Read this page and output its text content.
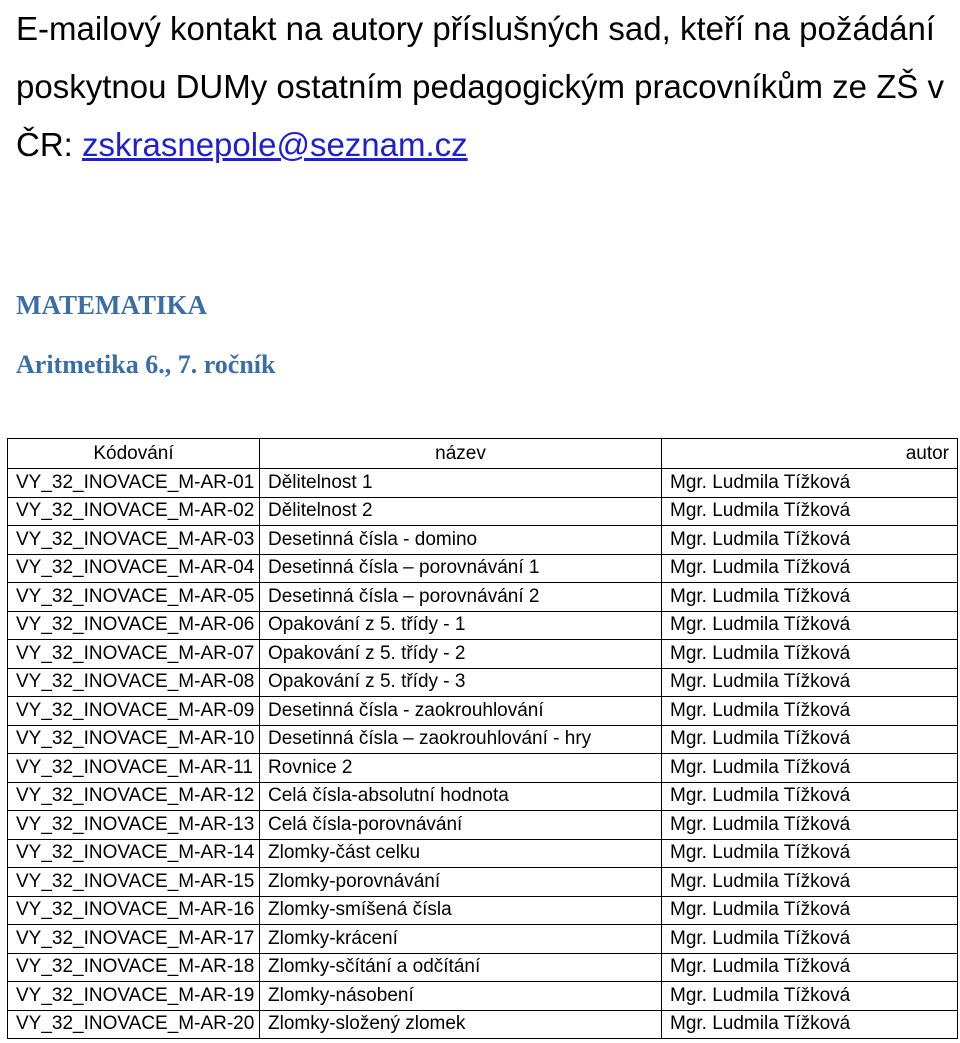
E-mailový kontakt na autory příslušných sad, kteří na požádání poskytnou DUMy ostatním pedagogickým pracovníkům ze ZŠ v ČR: zskrasnepole@seznam.cz

MATEMATIKA
Aritmetika 6., 7. ročník
Kódování	název	autor
VY_32_INOVACE_M-AR-01	Dělitelnost 1	Mgr. Ludmila Tížková
VY_32_INOVACE_M-AR-02	Dělitelnost 2	Mgr. Ludmila Tížková
VY_32_INOVACE_M-AR-03	Desetinná čísla - domino	Mgr. Ludmila Tížková
VY_32_INOVACE_M-AR-04	Desetinná čísla – porovnávání 1	Mgr. Ludmila Tížková
VY_32_INOVACE_M-AR-05	Desetinná čísla – porovnávání 2	Mgr. Ludmila Tížková
VY_32_INOVACE_M-AR-06	Opakování z 5. třídy - 1	Mgr. Ludmila Tížková
VY_32_INOVACE_M-AR-07	Opakování z 5. třídy - 2	Mgr. Ludmila Tížková
VY_32_INOVACE_M-AR-08	Opakování z 5. třídy - 3	Mgr. Ludmila Tížková
VY_32_INOVACE_M-AR-09	Desetinná čísla - zaokrouhlování	Mgr. Ludmila Tížková
VY_32_INOVACE_M-AR-10	Desetinná čísla – zaokrouhlování - hry	Mgr. Ludmila Tížková
VY_32_INOVACE_M-AR-11	Rovnice 2	Mgr. Ludmila Tížková
VY_32_INOVACE_M-AR-12	Celá čísla-absolutní hodnota	Mgr. Ludmila Tížková
VY_32_INOVACE_M-AR-13	Celá čísla-porovnávání	Mgr. Ludmila Tížková
VY_32_INOVACE_M-AR-14	Zlomky-část celku	Mgr. Ludmila Tížková
VY_32_INOVACE_M-AR-15	Zlomky-porovnávání	Mgr. Ludmila Tížková
VY_32_INOVACE_M-AR-16	Zlomky-smíšená čísla	Mgr. Ludmila Tížková
VY_32_INOVACE_M-AR-17	Zlomky-krácení	Mgr. Ludmila Tížková
VY_32_INOVACE_M-AR-18	Zlomky-sčítání a odčítání	Mgr. Ludmila Tížková
VY_32_INOVACE_M-AR-19	Zlomky-násobení	Mgr. Ludmila Tížková
VY_32_INOVACE_M-AR-20	Zlomky-složený zlomek	Mgr. Ludmila Tížková
